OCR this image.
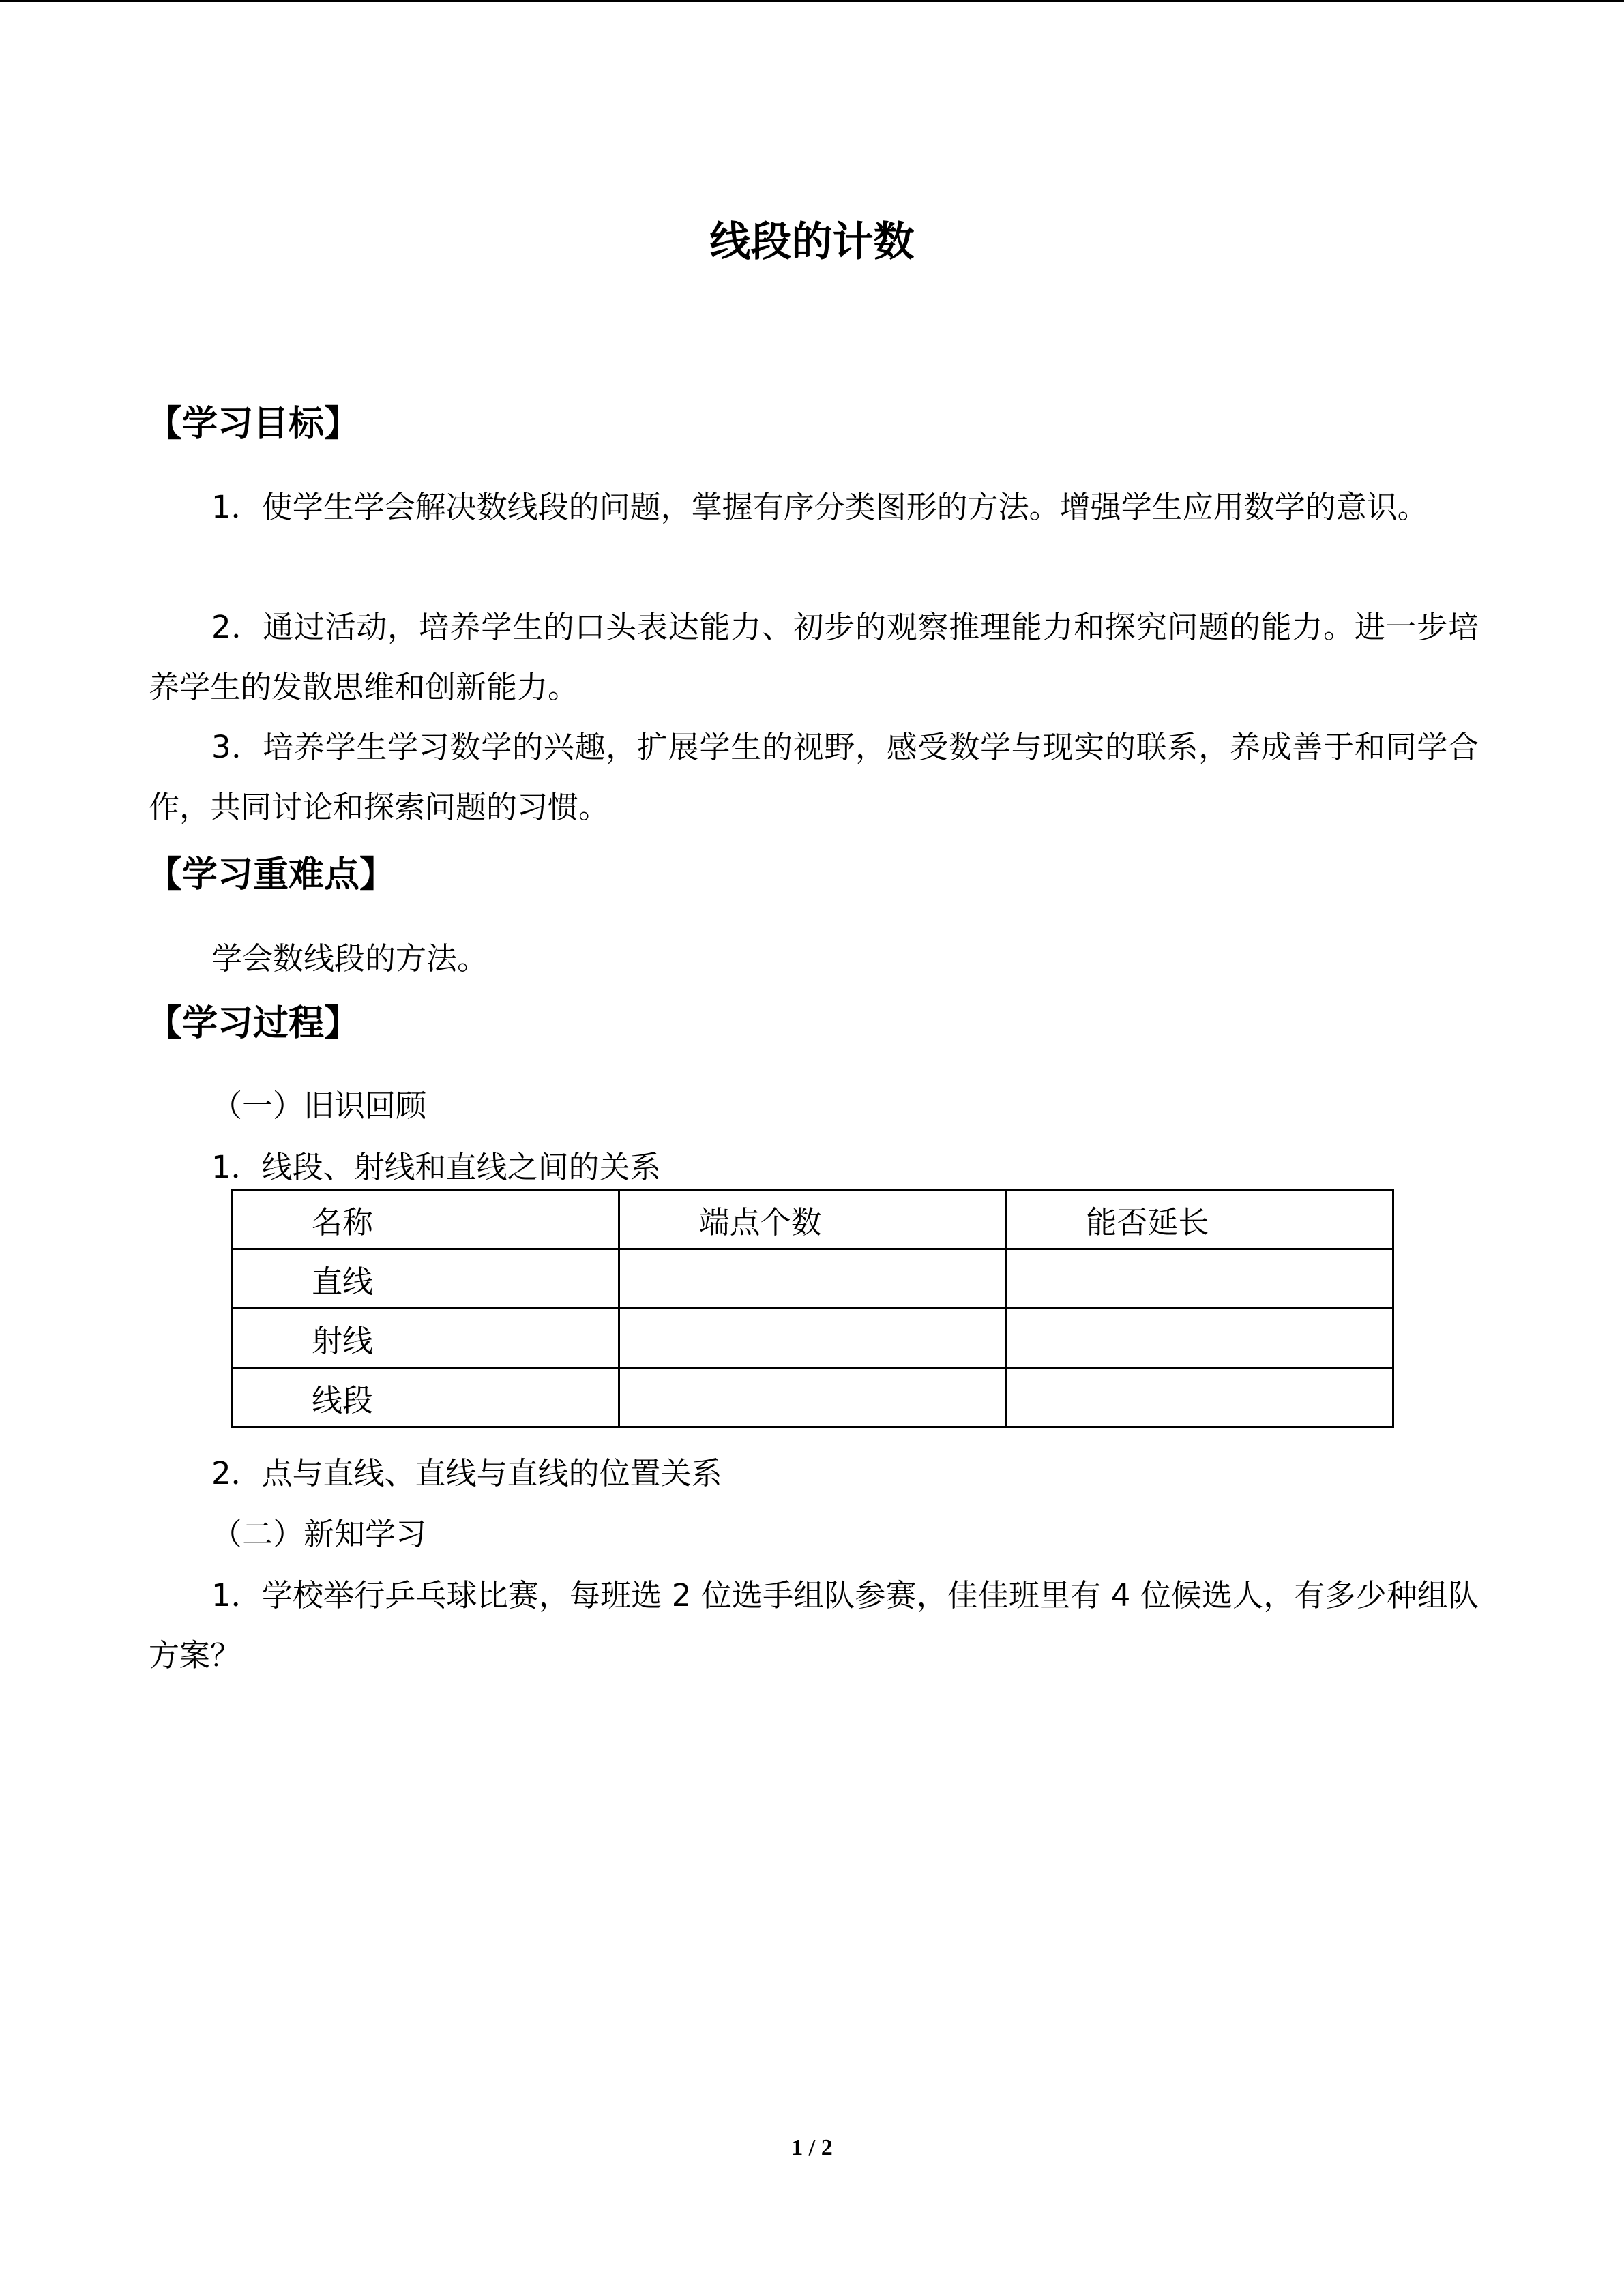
线段的计数
【学习目标】
1．使学生学会解决数线段的问题，掌握有序分类图形的方法。增强学生应用数学的意识。
2．通过活动，培养学生的口头表达能力、初步的观察推理能力和探究问题的能力。进一步培养学生的发散思维和创新能力。
3．培养学生学习数学的兴趣，扩展学生的视野，感受数学与现实的联系，养成善于和同学合作，共同讨论和探索问题的习惯。
【学习重难点】
学会数线段的方法。
【学习过程】
（一）旧识回顾
1．线段、射线和直线之间的关系
名称	端点个数	能否延长
直线		
射线		
线段		
2．点与直线、直线与直线的位置关系
（二）新知学习
1．学校举行乒乓球比赛，每班选 2 位选手组队参赛，佳佳班里有 4 位候选人，有多少种组队方案？
1 / 2
